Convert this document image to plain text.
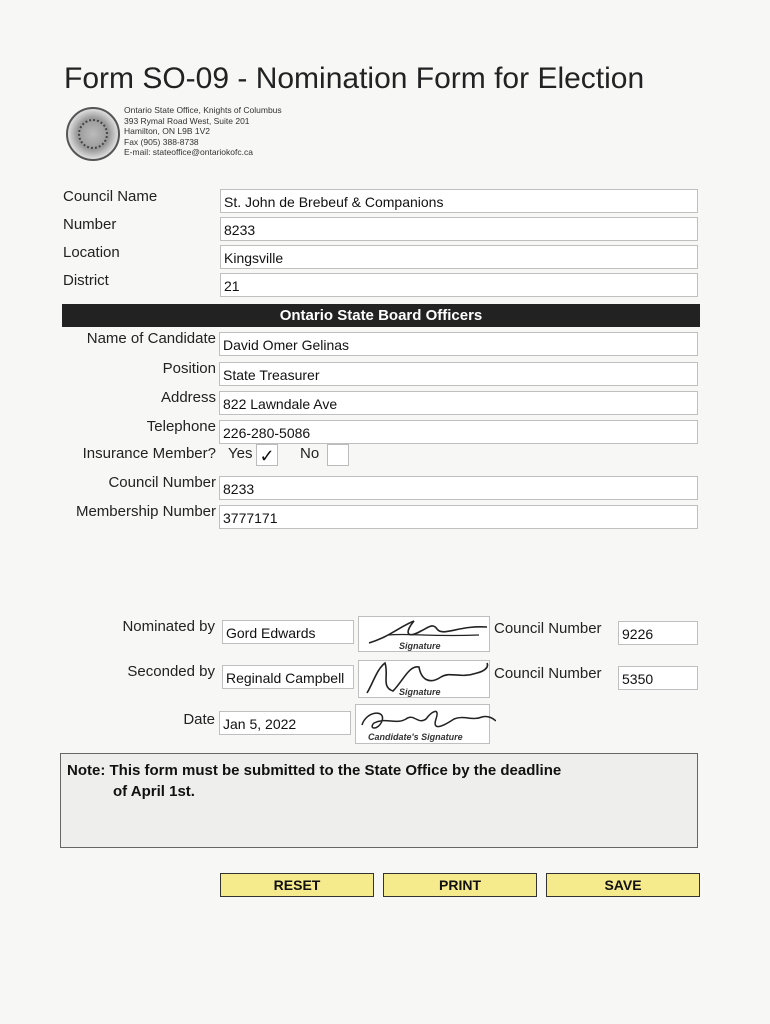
Form SO-09 - Nomination Form for Election
Ontario State Office, Knights of Columbus
393 Rymal Road West, Suite 201
Hamilton, ON L9B 1V2
Fax (905) 388-8738
E-mail: stateoffice@ontariokofc.ca
Council Name	St. John de Brebeuf & Companions
Number	8233
Location	Kingsville
District	21
Ontario State Board Officers
Name of Candidate David Omer Gelinas
Position State Treasurer
Address 822 Lawndale Ave
Telephone 226-280-5086
Insurance Member? Yes ✓ No
Council Number 8233
Membership Number 3777171
Nominated by Gord Edwards
Signature
Council Number 9226
Seconded by Reginald Campbell
Signature
Council Number 5350
Date Jan 5, 2022
Candidate's Signature
Note: This form must be submitted to the State Office by the deadline
of April 1st.
RESET	PRINT	SAVE
